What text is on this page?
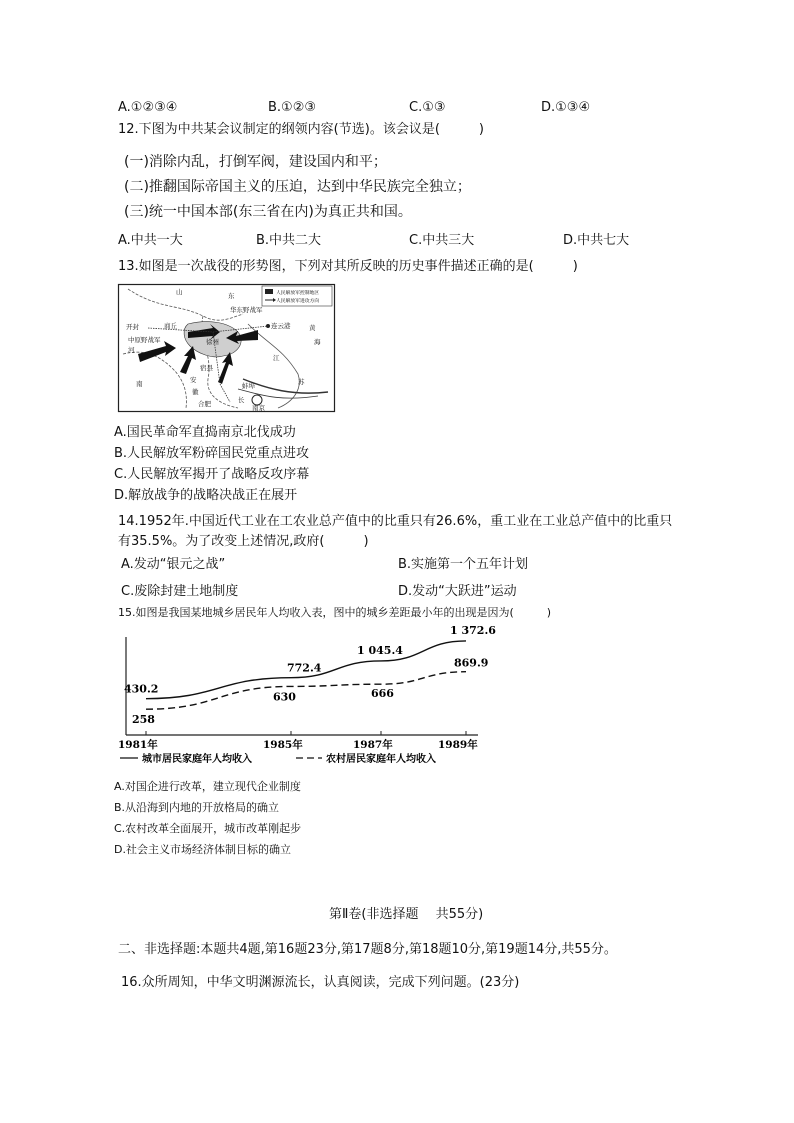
A.①②③④	B.①②③	C.①③	D.①③④
12.下图为中共某会议制定的纲领内容(节选)。该会议是(　　　)
(一)消除内乱，打倒军阀，建设国内和平；
(二)推翻国际帝国主义的压迫，达到中华民族完全独立；
(三)统一中国本部(东三省在内)为真正共和国。
A.中共一大	B.中共二大	C.中共三大	D.中共七大
13.如图是一次战役的形势图，下列对其所反映的历史事件描述正确的是(　　　)
人民解放军控制地区
人民解放军进攻方向
华东野战军
中原野战军
连云港
开封
徐州
商丘
宿县
合肥	南京
蚌埠
山	东
河
南	安
徽
江
苏
长
海
黄
A.国民革命军直捣南京北伐成功
B.人民解放军粉碎国民党重点进攻
C.人民解放军揭开了战略反攻序幕
D.解放战争的战略决战正在展开
14.1952年.中国近代工业在工农业总产值中的比重只有26.6%，重工业在工业总产值中的比重只
有35.5%。为了改变上述情况,政府(　　　)
A.发动“银元之战”	B.实施第一个五年计划
C.废除封建土地制度	D.发动“大跃进”运动
15.如图是我国某地城乡居民年人均收入表，图中的城乡差距最小年的出现是因为(　　　)
430.2
772.4
1 045.4
1 372.6
258
630	666
869.9
1981年	1985年	1987年	1989年
城市居民家庭年人均收入	农村居民家庭年人均收入
A.对国企进行改革，建立现代企业制度
B.从沿海到内地的开放格局的确立
C.农村改革全面展开，城市改革刚起步
D.社会主义市场经济体制目标的确立
第Ⅱ卷(非选择题　 共55分)
二、非选择题:本题共4题,第16题23分,第17题8分,第18题10分,第19题14分,共55分。
16.众所周知，中华文明渊源流长，认真阅读，完成下列问题。(23分)
